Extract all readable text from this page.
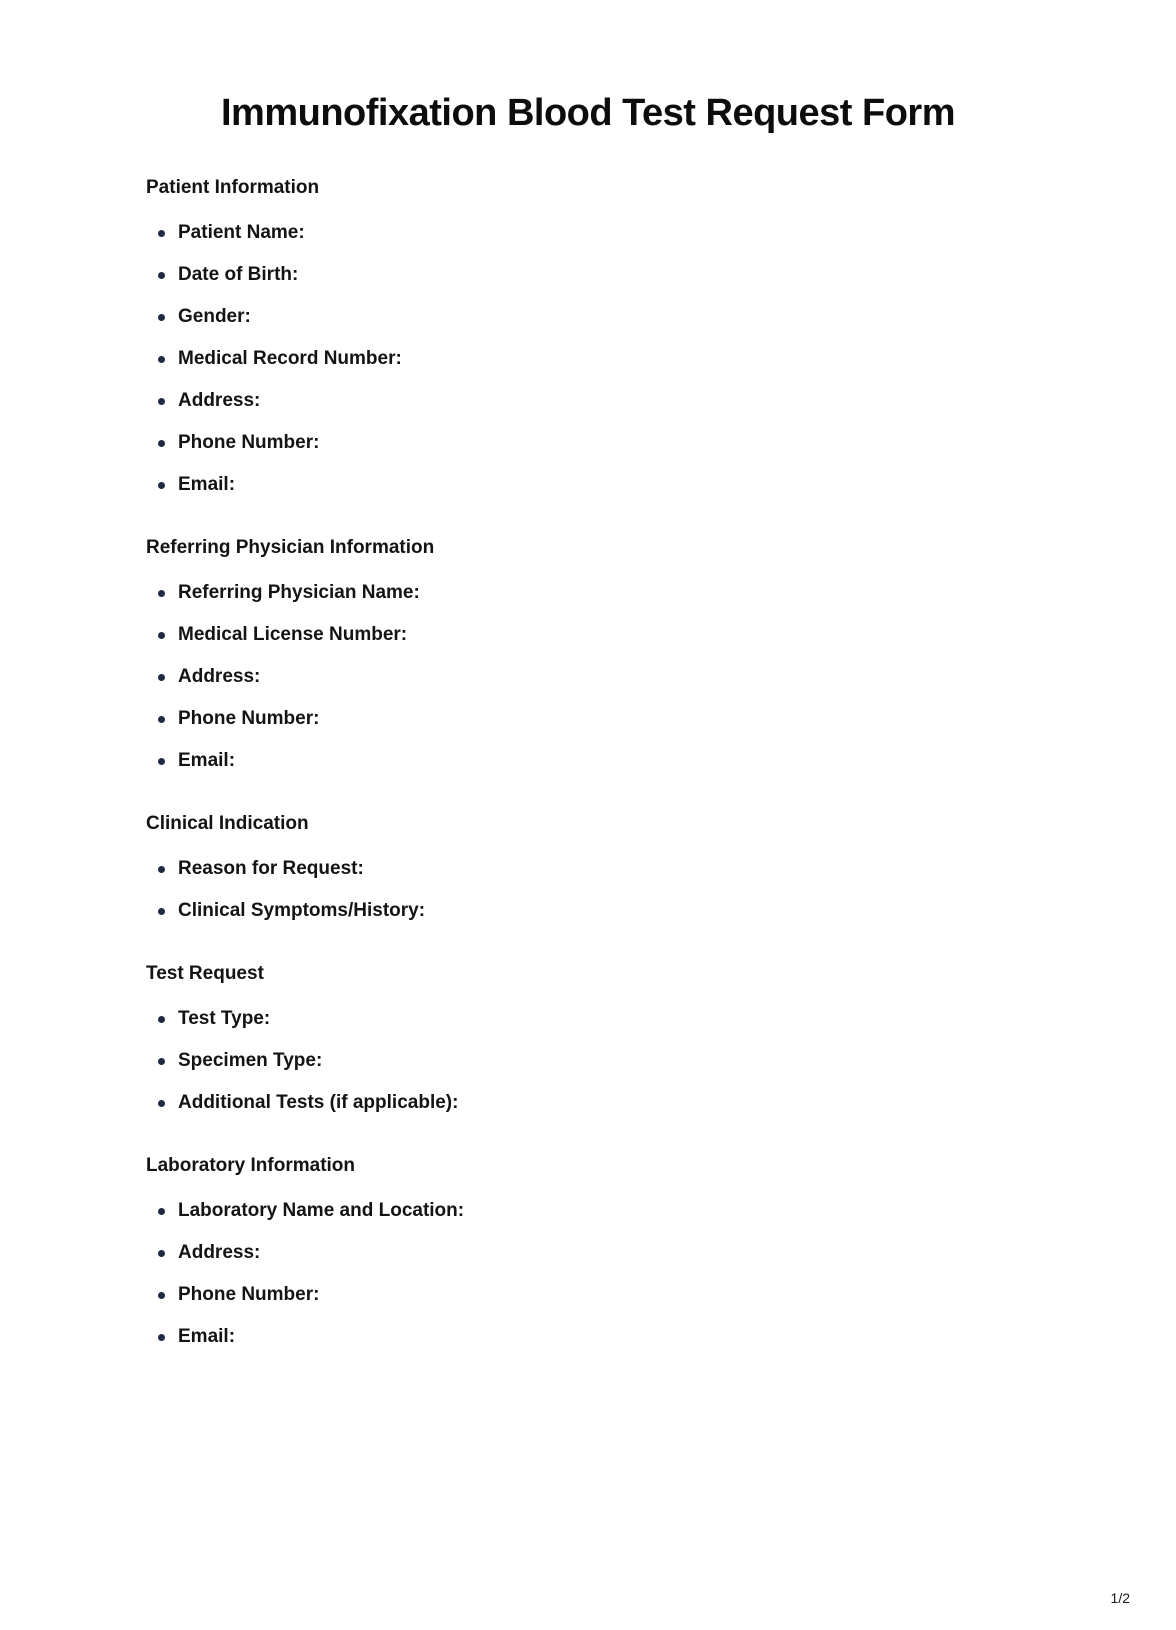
Immunofixation Blood Test Request Form
Patient Information
Patient Name:
Date of Birth:
Gender:
Medical Record Number:
Address:
Phone Number:
Email:
Referring Physician Information
Referring Physician Name:
Medical License Number:
Address:
Phone Number:
Email:
Clinical Indication
Reason for Request:
Clinical Symptoms/History:
Test Request
Test Type:
Specimen Type:
Additional Tests (if applicable):
Laboratory Information
Laboratory Name and Location:
Address:
Phone Number:
Email:
1/2
